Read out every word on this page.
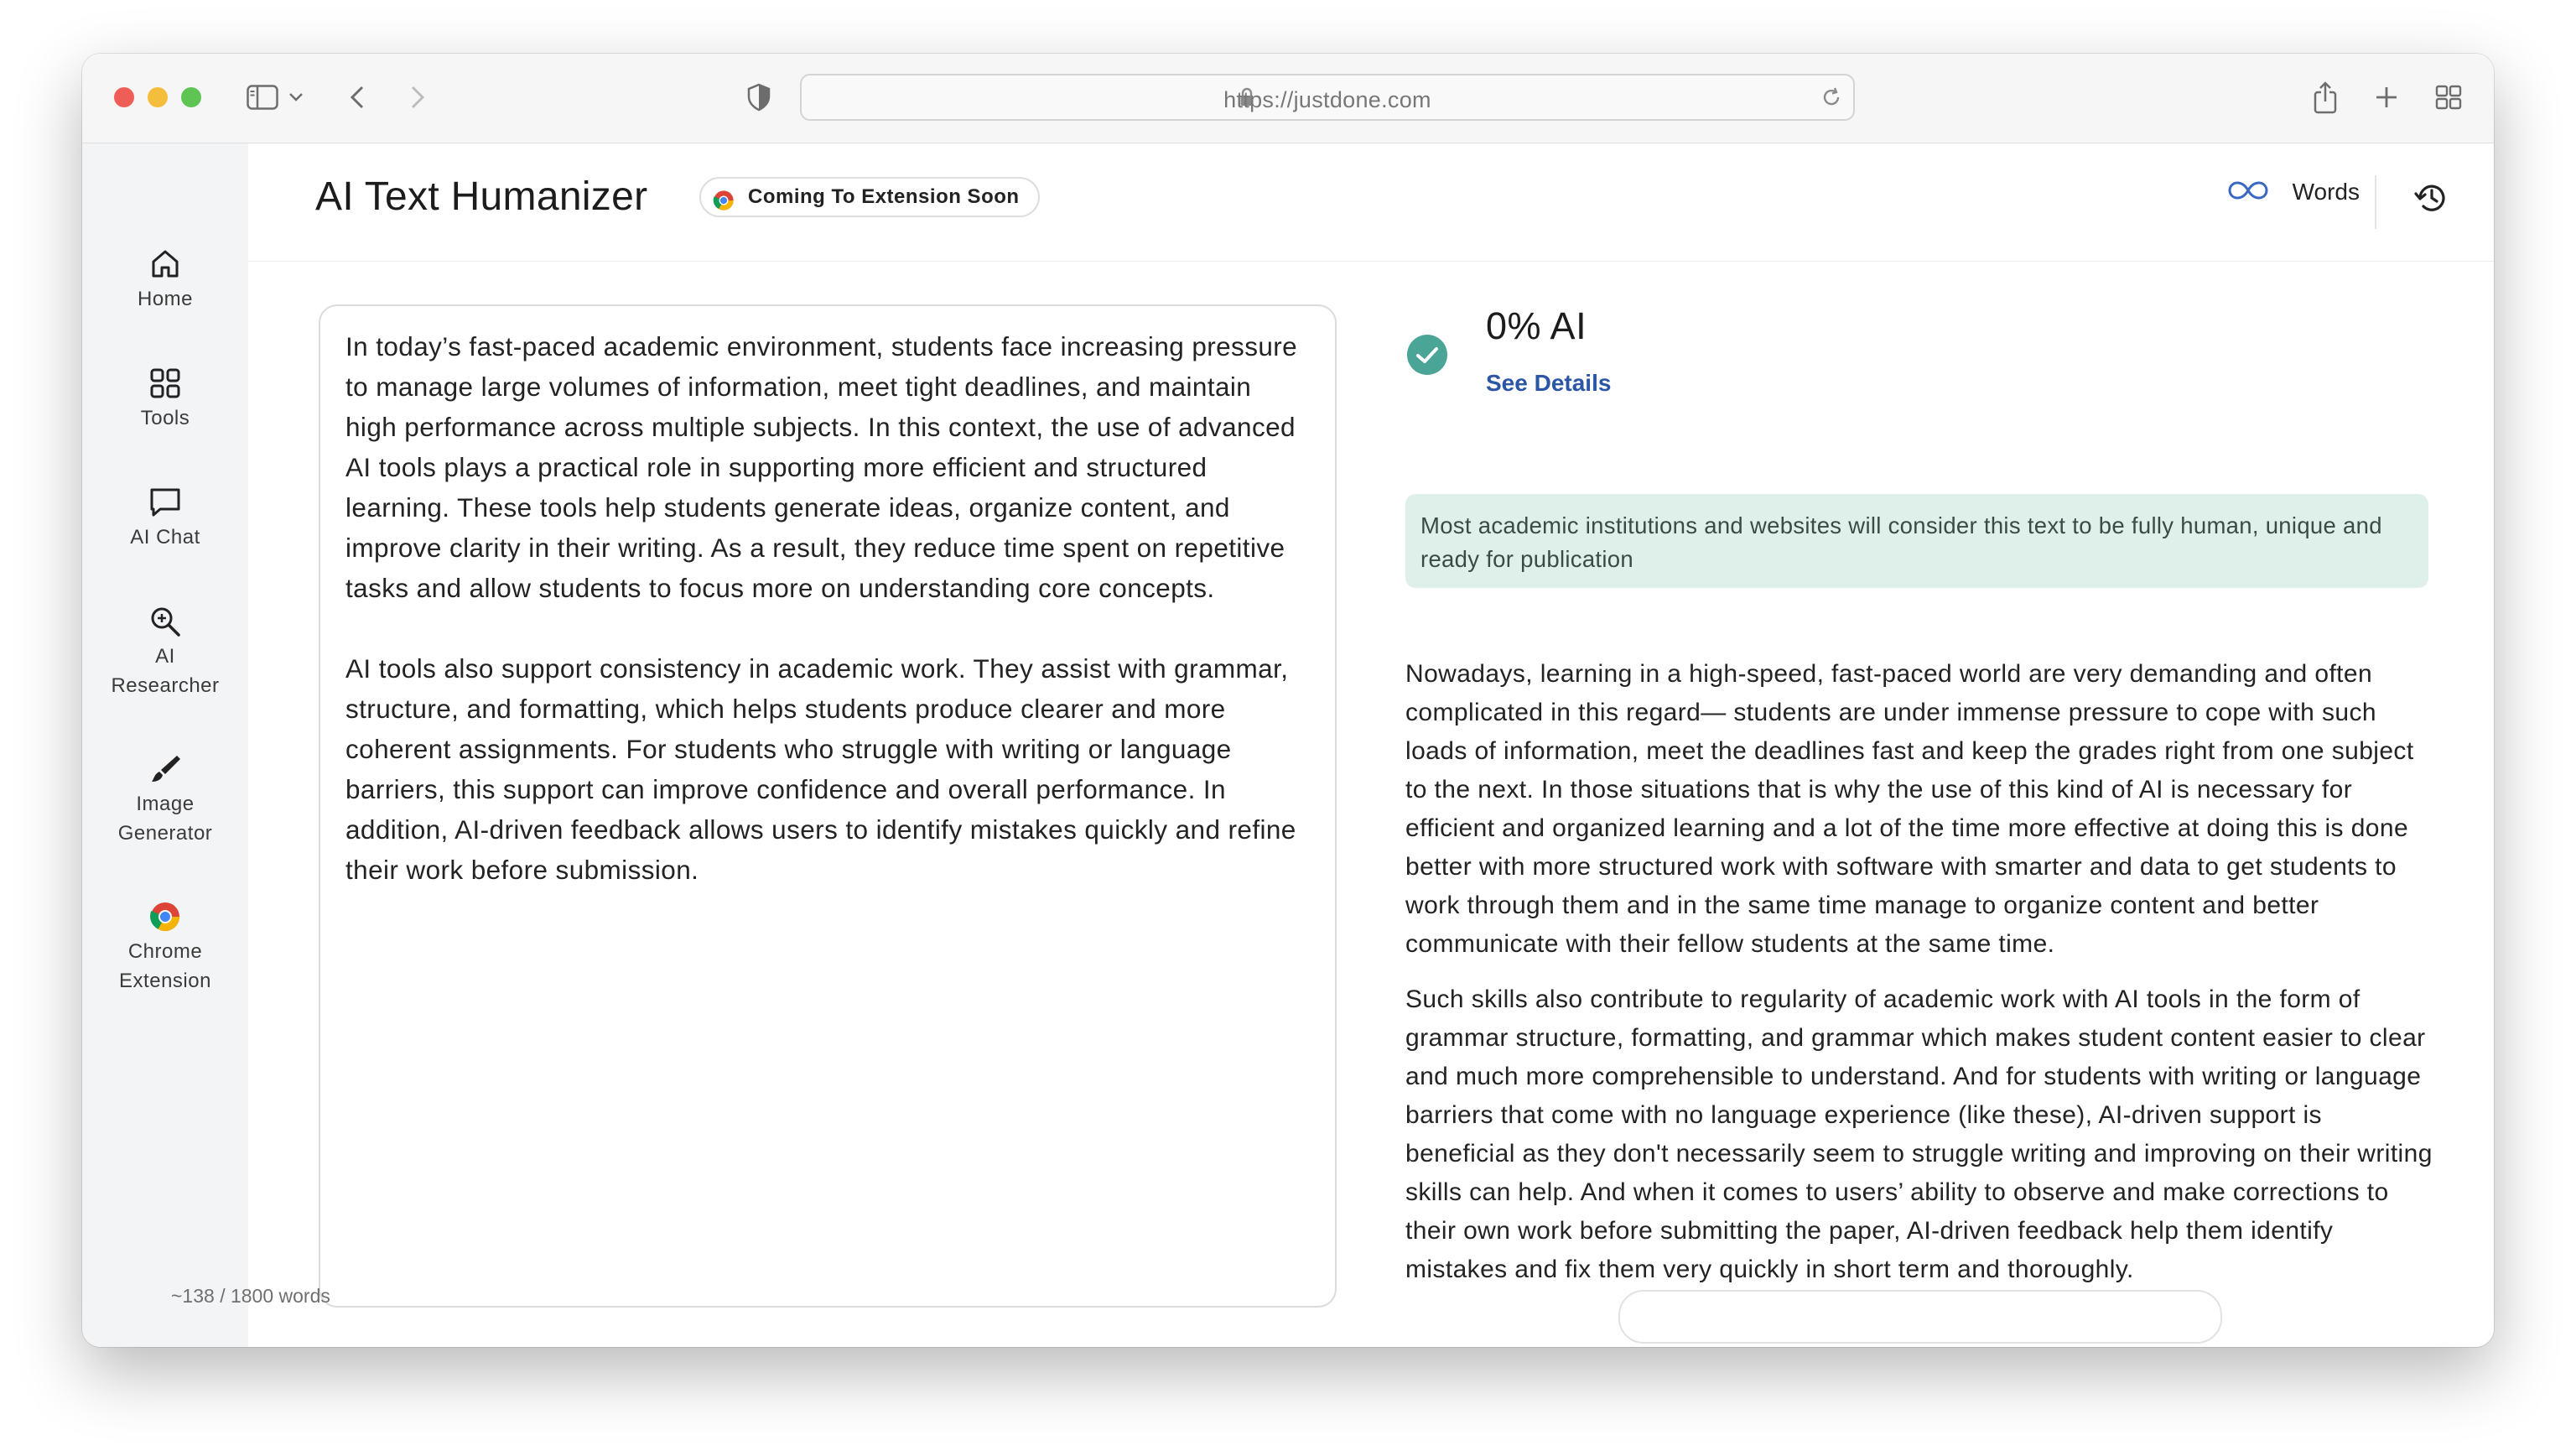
https://justdone.com
Home
Tools
AI Chat
AI
Researcher
Image
Generator
Chrome
Extension
AI Text Humanizer	Coming To Extension Soon	Words

In today’s fast-paced academic environment, students face increasing pressure to manage large volumes of information, meet tight deadlines, and maintain high performance across multiple subjects. In this context, the use of advanced AI tools plays a practical role in supporting more efficient and structured learning. These tools help students generate ideas, organize content, and improve clarity in their writing. As a result, they reduce time spent on repetitive tasks and allow students to focus more on understanding core concepts.

AI tools also support consistency in academic work. They assist with grammar, structure, and formatting, which helps students produce clearer and more coherent assignments. For students who struggle with writing or language barriers, this support can improve confidence and overall performance. In addition, AI-driven feedback allows users to identify mistakes quickly and refine their work before submission.

0% AI
See Details
Most academic institutions and websites will consider this text to be fully human, unique and ready for publication

Nowadays, learning in a high-speed, fast-paced world are very demanding and often complicated in this regard— students are under immense pressure to cope with such loads of information, meet the deadlines fast and keep the grades right from one subject to the next. In those situations that is why the use of this kind of AI is necessary for efficient and organized learning and a lot of the time more effective at doing this is done better with more structured work with software with smarter and data to get students to work through them and in the same time manage to organize content and better communicate with their fellow students at the same time.

Such skills also contribute to regularity of academic work with AI tools in the form of grammar structure, formatting, and grammar which makes student content easier to clear and much more comprehensible to understand. And for students with writing or language barriers that come with no language experience (like these), AI-driven support is beneficial as they don't necessarily seem to struggle writing and improving on their writing skills can help. And when it comes to users’ ability to observe and make corrections to their own work before submitting the paper, AI-driven feedback help them identify mistakes and fix them very quickly in short term and thoroughly.

~138 / 1800 words
